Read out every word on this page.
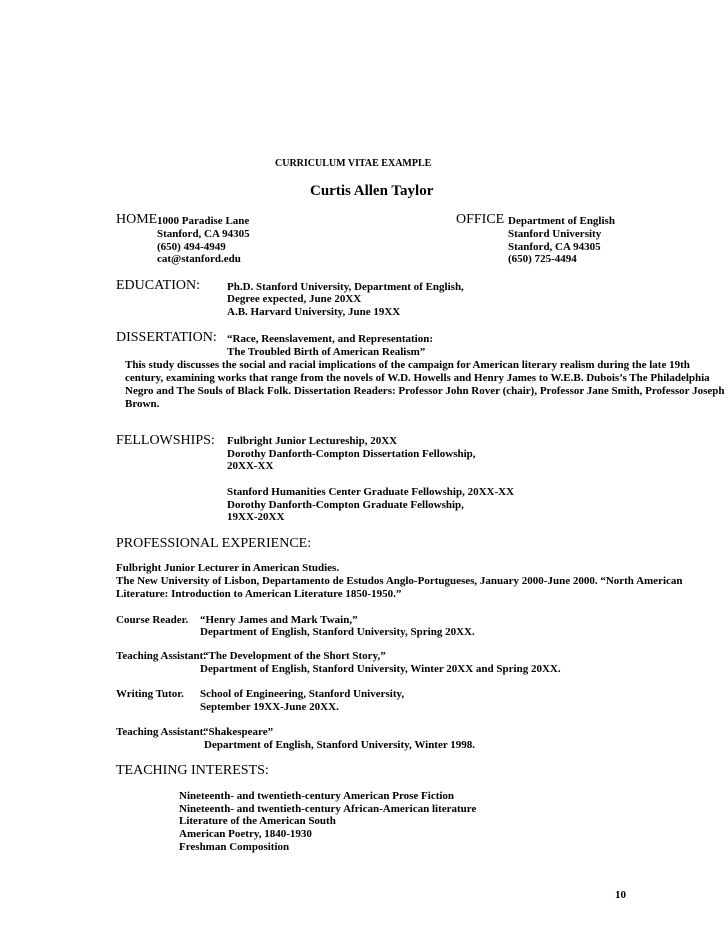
CURRICULUM VITAE EXAMPLE
Curtis Allen Taylor
HOME 1000 Paradise Lane
Stanford, CA 94305
(650) 494-4949
cat@stanford.edu
OFFICE Department of English
Stanford University
Stanford, CA 94305
(650) 725-4494
EDUCATION: Ph.D. Stanford University, Department of English,
Degree expected, June 20XX
A.B. Harvard University, June 19XX
DISSERTATION: “Race, Reenslavement, and Representation:
The Troubled Birth of American Realism”
This study discusses the social and racial implications of the campaign for American literary realism during the late 19th century, examining works that range from the novels of W.D. Howells and Henry James to W.E.B. Dubois’s The Philadelphia Negro and The Souls of Black Folk. Dissertation Readers: Professor John Rover (chair), Professor Jane Smith, Professor Joseph Brown.
FELLOWSHIPS: Fulbright Junior Lectureship, 20XX
Dorothy Danforth-Compton Dissertation Fellowship,
20XX-XX
Stanford Humanities Center Graduate Fellowship, 20XX-XX
Dorothy Danforth-Compton Graduate Fellowship,
19XX-20XX
PROFESSIONAL EXPERIENCE:
Fulbright Junior Lecturer in American Studies.
The New University of Lisbon, Departamento de Estudos Anglo-Portugueses, January 2000-June 2000. “North American
Literature: Introduction to American Literature 1850-1950.”
Course Reader. “Henry James and Mark Twain,”
Department of English, Stanford University, Spring 20XX.
Teaching Assistant.
“The Development of the Short Story,”
Department of English, Stanford University, Winter 20XX and Spring 20XX.
Writing Tutor. School of Engineering, Stanford University,
September 19XX-June 20XX.
Teaching Assistant.
“Shakespeare”
Department of English, Stanford University, Winter 1998.
TEACHING INTERESTS:
Nineteenth- and twentieth-century American Prose Fiction
Nineteenth- and twentieth-century African-American literature
Literature of the American South
American Poetry, 1840-1930
Freshman Composition
10
